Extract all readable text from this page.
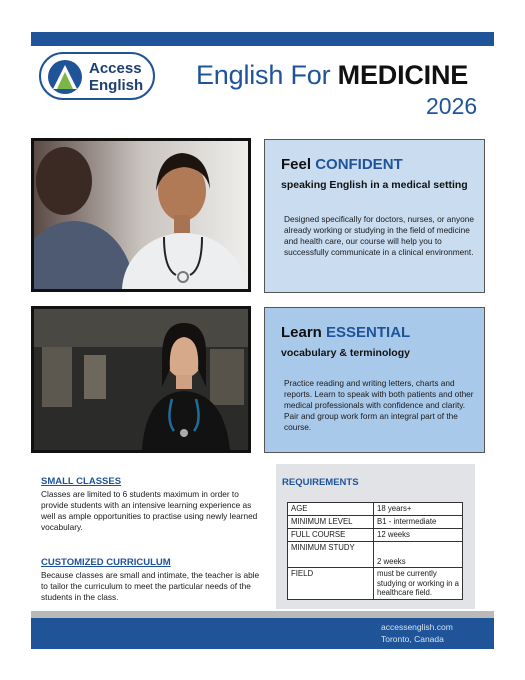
Access
English English For MEDICINE
2026
Feel CONFIDENT
speaking English in a medical setting
Designed specifically for doctors, nurses, or anyone already working or studying in the field of medicine and health care, our course will help you to successfully communicate in a clinical environment.
Learn ESSENTIAL
vocabulary & terminology
Practice reading and writing letters, charts and reports. Learn to speak with both patients and other medical professionals with confidence and clarity. Pair and group work form an integral part of the course.
SMALL CLASSES
Classes are limited to 6 students maximum in order to provide students with an intensive learning experience as well as ample opportunities to practise using newly learned vocabulary.
CUSTOMIZED CURRICULUM
Because classes are small and intimate, the teacher is able to tailor the curriculum to meet the particular needs of the students in the class.
REQUIREMENTS
AGE	18 years+
MINIMUM LEVEL	B1 - intermediate
FULL COURSE	12 weeks
MINIMUM STUDY	2 weeks
FIELD	must be currently studying or working in a healthcare field.
accessenglish.com
Toronto, Canada
